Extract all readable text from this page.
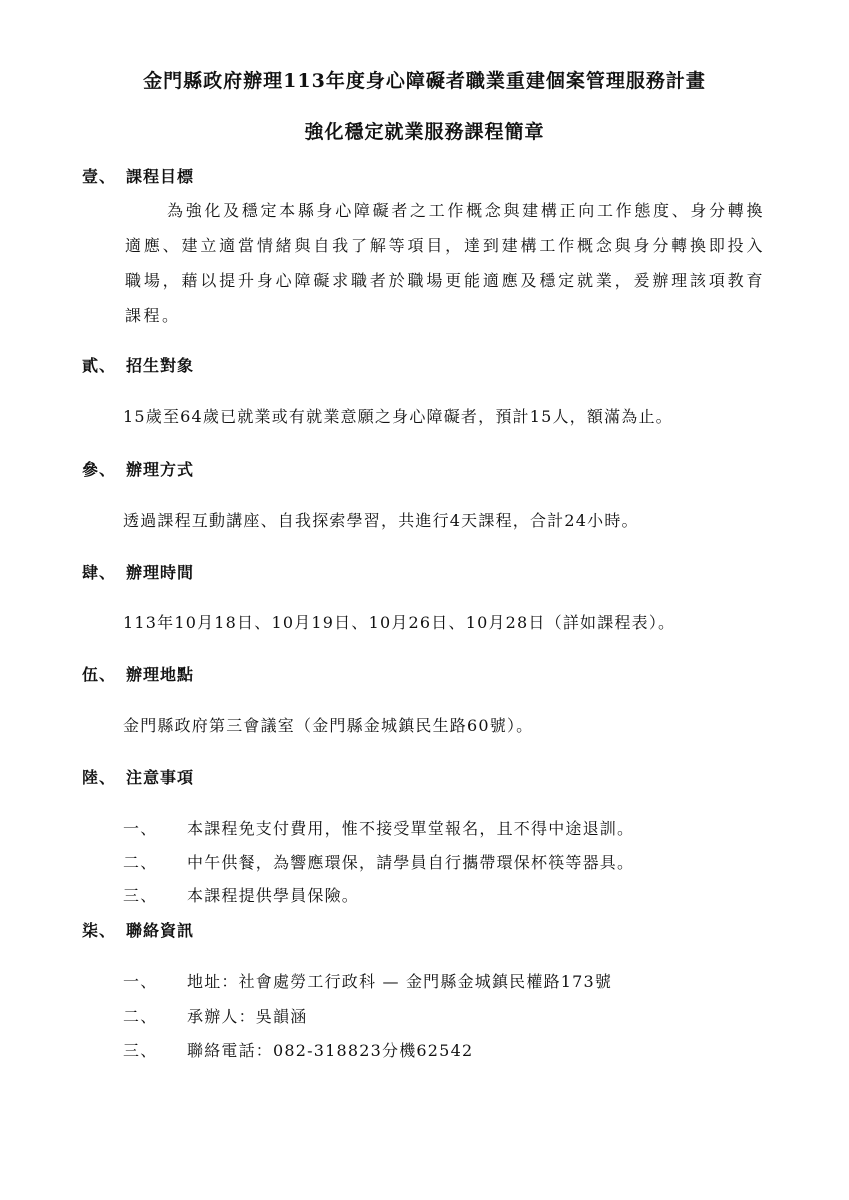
金門縣政府辦理113年度身心障礙者職業重建個案管理服務計畫
強化穩定就業服務課程簡章
壹、 課程目標
為強化及穩定本縣身心障礙者之工作概念與建構正向工作態度、身分轉換適應、建立適當情緒與自我了解等項目，達到建構工作概念與身分轉換即投入職場，藉以提升身心障礙求職者於職場更能適應及穩定就業，爰辦理該項教育課程。
貳、 招生對象
15歲至64歲已就業或有就業意願之身心障礙者，預計15人，額滿為止。
參、 辦理方式
透過課程互動講座、自我探索學習，共進行4天課程，合計24小時。
肆、 辦理時間
113年10月18日、10月19日、10月26日、10月28日（詳如課程表）。
伍、 辦理地點
金門縣政府第三會議室（金門縣金城鎮民生路60號）。
陸、 注意事項
一、 本課程免支付費用，惟不接受單堂報名，且不得中途退訓。
二、 中午供餐，為響應環保，請學員自行攜帶環保杯筷等器具。
三、 本課程提供學員保險。
柒、 聯絡資訊
一、 地址：社會處勞工行政科 — 金門縣金城鎮民權路173號
二、 承辦人：吳韻涵
三、 聯絡電話：082-318823分機62542
